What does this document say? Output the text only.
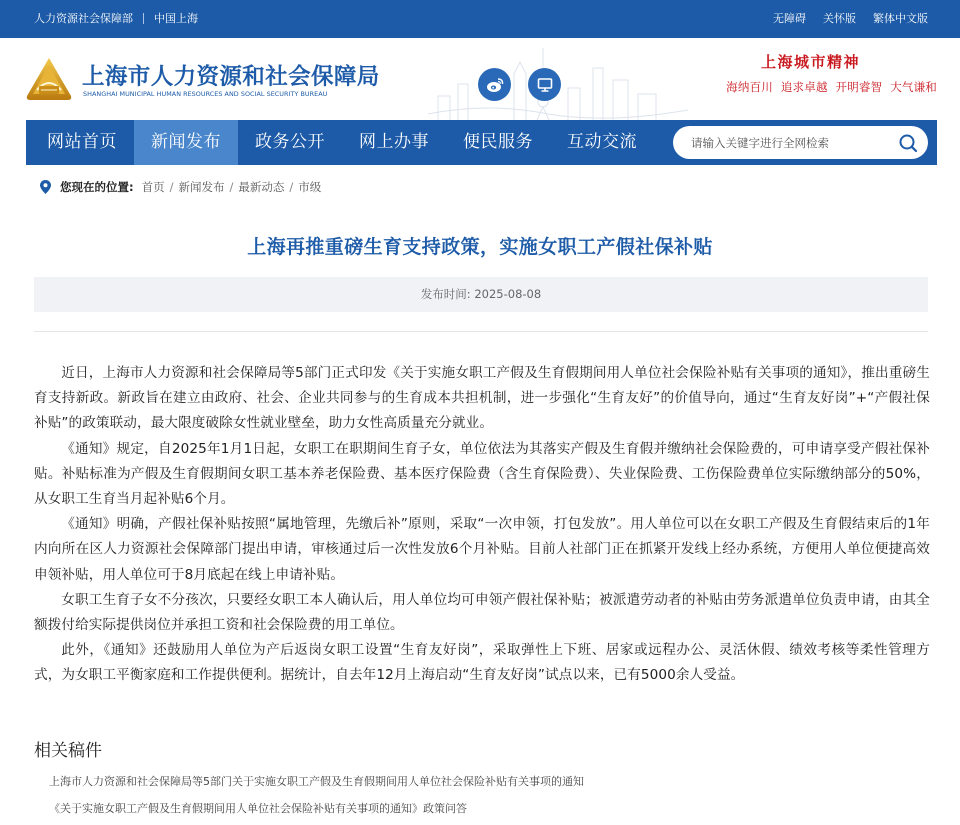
人力资源社会保障部 中国上海	无障碍 关怀版 繁体中文版
上海市人力资源和社会保障局
SHANGHAI MUNICIPAL HUMAN RESOURCES AND SOCIAL SECURITY BUREAU
上海城市精神
海纳百川 追求卓越 开明睿智 大气谦和
网站首页	新闻发布	政务公开	网上办事	便民服务	互动交流
请输入关键字进行全网检索
您现在的位置: 首页 / 新闻发布 / 最新动态 / 市级
上海再推重磅生育支持政策，实施女职工产假社保补贴
发布时间: 2025-08-08

近日，上海市人力资源和社会保障局等5部门正式印发《关于实施女职工产假及生育假期间用人单位社会保险补贴有关事项的通知》，推出重磅生育支持新政。新政旨在建立由政府、社会、企业共同参与的生育成本共担机制，进一步强化“生育友好”的价值导向，通过“生育友好岗”+“产假社保补贴”的政策联动，最大限度破除女性就业壁垒，助力女性高质量充分就业。

《通知》规定，自2025年1月1日起，女职工在职期间生育子女，单位依法为其落实产假及生育假并缴纳社会保险费的，可申请享受产假社保补贴。补贴标准为产假及生育假期间女职工基本养老保险费、基本医疗保险费（含生育保险费）、失业保险费、工伤保险费单位实际缴纳部分的50%，从女职工生育当月起补贴6个月。

《通知》明确，产假社保补贴按照“属地管理，先缴后补”原则，采取“一次申领，打包发放”。用人单位可以在女职工产假及生育假结束后的1年内向所在区人力资源社会保障部门提出申请，审核通过后一次性发放6个月补贴。目前人社部门正在抓紧开发线上经办系统，方便用人单位便捷高效申领补贴，用人单位可于8月底起在线上申请补贴。

女职工生育子女不分孩次，只要经女职工本人确认后，用人单位均可申领产假社保补贴；被派遣劳动者的补贴由劳务派遣单位负责申请，由其全额拨付给实际提供岗位并承担工资和社会保险费的用工单位。

此外，《通知》还鼓励用人单位为产后返岗女职工设置“生育友好岗”，采取弹性上下班、居家或远程办公、灵活休假、绩效考核等柔性管理方式，为女职工平衡家庭和工作提供便利。据统计，自去年12月上海启动“生育友好岗”试点以来，已有5000余人受益。

相关稿件
上海市人力资源和社会保障局等5部门关于实施女职工产假及生育假期间用人单位社会保险补贴有关事项的通知
《关于实施女职工产假及生育假期间用人单位社会保险补贴有关事项的通知》政策问答
